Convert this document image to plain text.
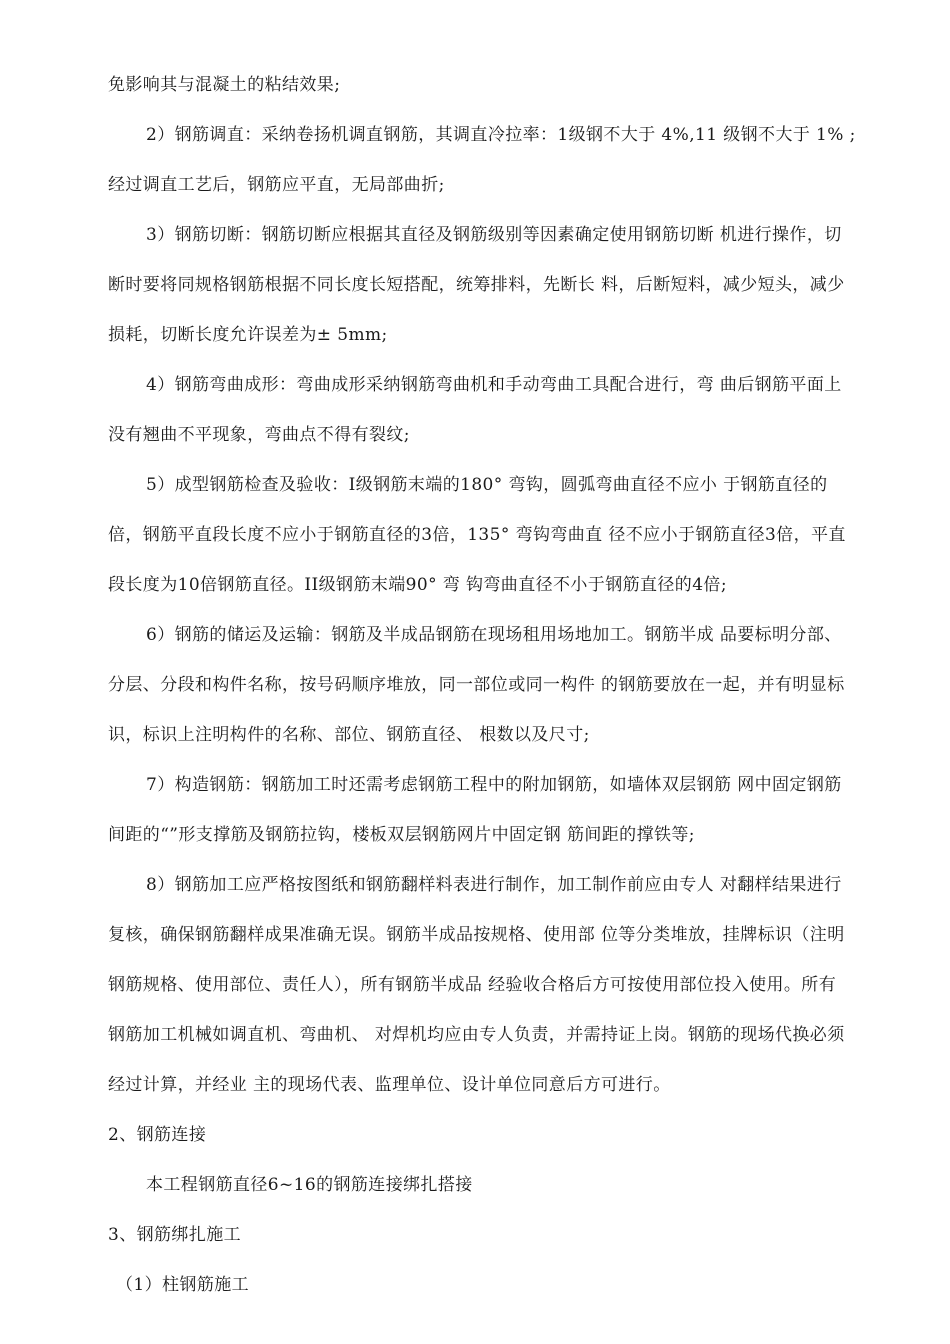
免影响其与混凝土的粘结效果;
2）钢筋调直：采纳卷扬机调直钢筋，其调直冷拉率：1级钢不大于 4%,11 级钢不大于 1% ;
经过调直工艺后，钢筋应平直，无局部曲折;
3）钢筋切断：钢筋切断应根据其直径及钢筋级别等因素确定使用钢筋切断 机进行操作，切
断时要将同规格钢筋根据不同长度长短搭配，统筹排料，先断长 料，后断短料，减少短头，减少
损耗，切断长度允许误差为± 5mm;
4）钢筋弯曲成形：弯曲成形采纳钢筋弯曲机和手动弯曲工具配合进行，弯 曲后钢筋平面上
没有翘曲不平现象，弯曲点不得有裂纹;
5）成型钢筋检查及验收：I级钢筋末端的180° 弯钩，圆弧弯曲直径不应小 于钢筋直径的
倍，钢筋平直段长度不应小于钢筋直径的3倍，135° 弯钩弯曲直 径不应小于钢筋直径3倍，平直
段长度为10倍钢筋直径。II级钢筋末端90° 弯 钩弯曲直径不小于钢筋直径的4倍;
6）钢筋的储运及运输：钢筋及半成品钢筋在现场租用场地加工。钢筋半成 品要标明分部、
分层、分段和构件名称，按号码顺序堆放，同一部位或同一构件 的钢筋要放在一起，并有明显标
识，标识上注明构件的名称、部位、钢筋直径、 根数以及尺寸;
7）构造钢筋：钢筋加工时还需考虑钢筋工程中的附加钢筋，如墙体双层钢筋 网中固定钢筋
间距的“”形支撑筋及钢筋拉钩，楼板双层钢筋网片中固定钢 筋间距的撑铁等;
8）钢筋加工应严格按图纸和钢筋翻样料表进行制作，加工制作前应由专人 对翻样结果进行
复核，确保钢筋翻样成果准确无误。钢筋半成品按规格、使用部 位等分类堆放，挂牌标识（注明
钢筋规格、使用部位、责任人），所有钢筋半成品 经验收合格后方可按使用部位投入使用。所有
钢筋加工机械如调直机、弯曲机、 对焊机均应由专人负责，并需持证上岗。钢筋的现场代换必须
经过计算，并经业 主的现场代表、监理单位、设计单位同意后方可进行。
2、钢筋连接
本工程钢筋直径6~16的钢筋连接绑扎搭接
3、钢筋绑扎施工
（1）柱钢筋施工
